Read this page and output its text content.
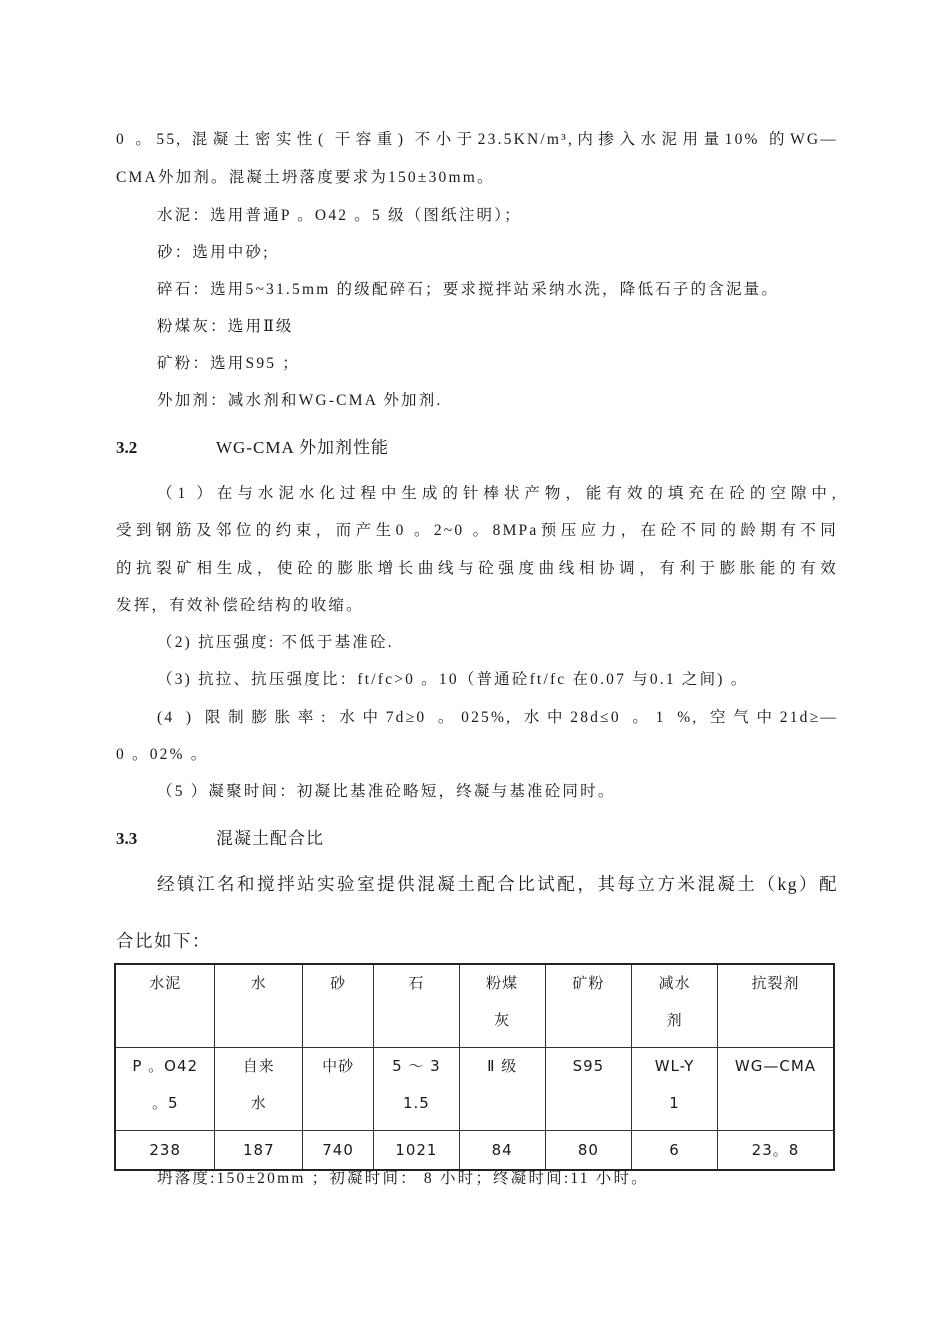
0 。55, 混凝土密实性( 干容重) 不小于23.5KN/m³,内掺入水泥用量10% 的WG—
CMA外加剂。混凝土坍落度要求为150±30mm。
水泥：选用普通P 。O42 。5 级（图纸注明）；
砂：选用中砂;
碎石：选用5~31.5mm 的级配碎石；要求搅拌站采纳水洗，降低石子的含泥量。
粉煤灰：选用Ⅱ级
矿粉：选用S95 ；
外加剂：减水剂和WG-CMA 外加剂.
3.2	WG-CMA 外加剂性能
（1 ）在与水泥水化过程中生成的针棒状产物，能有效的填充在砼的空隙中,
受到钢筋及邻位的约束，而产生0 。2~0 。8MPa预压应力，在砼不同的龄期有不同
的抗裂矿相生成，使砼的膨胀增长曲线与砼强度曲线相协调，有利于膨胀能的有效
发挥，有效补偿砼结构的收缩。
（2) 抗压强度: 不低于基准砼.
（3) 抗拉、抗压强度比：ft/fc>0 。10（普通砼ft/fc 在0.07 与0.1 之间) 。
(4 ) 限制膨胀率: 水中7d≥0 。025%, 水中28d≤0 。1 %, 空气中21d≥—
0 。02% 。
（5 ）凝聚时间：初凝比基准砼略短，终凝与基准砼同时。
3.3	混凝土配合比
经镇江名和搅拌站实验室提供混凝土配合比试配，其每立方米混凝土（kg）配
合比如下：
水泥	水	砂	石	粉煤灰	矿粉	减水剂	抗裂剂
P 。O42 。5	自来水	中砂	5 ～ 31.5	Ⅱ 级	S95	WL-Y1	WG—CMA
238	187	740	1021	84	80	6	23。8
坍落度:150±20mm ；初凝时间： 8 小时；终凝时间:11 小时。
